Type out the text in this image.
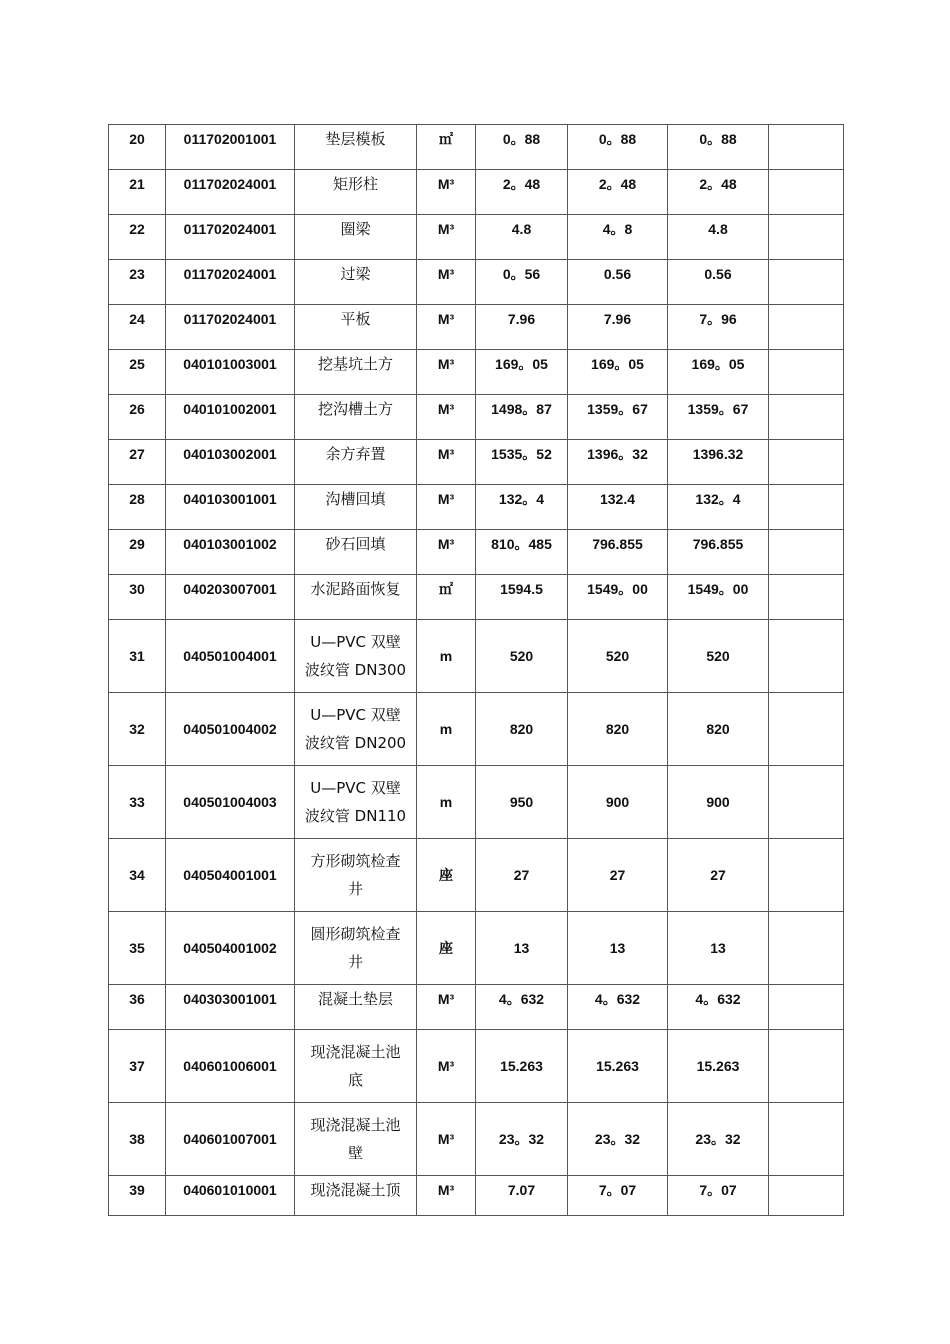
20	011702001001	垫层模板	㎡	0。88	0。88	0。88	

21	011702024001	矩形柱	M³	2。48	2。48	2。48	

22	011702024001	圈梁	M³	4.8	4。8	4.8	

23	011702024001	过梁	M³	0。56	0.56	0.56	

24	011702024001	平板	M³	7.96	7.96	7。96	

25	040101003001	挖基坑土方	M³	169。05	169。05	169。05	

26	040101002001	挖沟槽土方	M³	1498。87	1359。67	1359。67	

27	040103002001	余方弃置	M³	1535。52	1396。32	1396.32	

28	040103001001	沟槽回填	M³	132。4	132.4	132。4	

29	040103001002	砂石回填	M³	810。485	796.855	796.855	

30	040203007001	水泥路面恢复	㎡	1594.5	1549。00	1549。00	

31	040501004001	U—PVC 双壁
波纹管 DN300	m	520	520	520	
32	040501004002	U—PVC 双壁
波纹管 DN200	m	820	820	820	
33	040501004003	U—PVC 双壁
波纹管 DN110	m	950	900	900	
34	040504001001	方形砌筑检查
井	座	27	27	27	
35	040504001002	圆形砌筑检查
井	座	13	13	13	

36	040303001001	混凝土垫层	M³	4。632	4。632	4。632	

37	040601006001	现浇混凝土池
底	M³	15.263	15.263	15.263	
38	040601007001	现浇混凝土池
壁	M³	23。32	23。32	23。32	
39	040601010001	现浇混凝土顶	M³	7.07	7。07	7。07	
